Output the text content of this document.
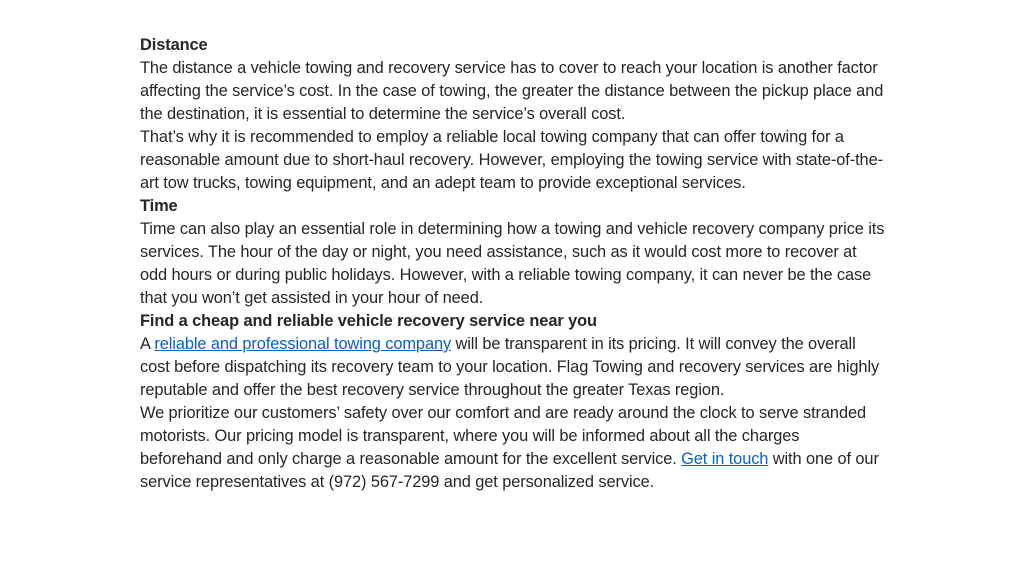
Distance

The distance a vehicle towing and recovery service has to cover to reach your location is another factor affecting the service’s cost. In the case of towing, the greater the distance between the pickup place and the destination, it is essential to determine the service’s overall cost.

That’s why it is recommended to employ a reliable local towing company that can offer towing for a reasonable amount due to short-haul recovery. However, employing the towing service with state-of-the-art tow trucks, towing equipment, and an adept team to provide exceptional services.

Time

Time can also play an essential role in determining how a towing and vehicle recovery company price its services. The hour of the day or night, you need assistance, such as it would cost more to recover at odd hours or during public holidays. However, with a reliable towing company, it can never be the case that you won’t get assisted in your hour of need.

Find a cheap and reliable vehicle recovery service near you

A reliable and professional towing company will be transparent in its pricing. It will convey the overall cost before dispatching its recovery team to your location. Flag Towing and recovery services are highly reputable and offer the best recovery service throughout the greater Texas region.

We prioritize our customers’ safety over our comfort and are ready around the clock to serve stranded motorists. Our pricing model is transparent, where you will be informed about all the charges beforehand and only charge a reasonable amount for the excellent service. Get in touch with one of our service representatives at (972) 567-7299 and get personalized service.
